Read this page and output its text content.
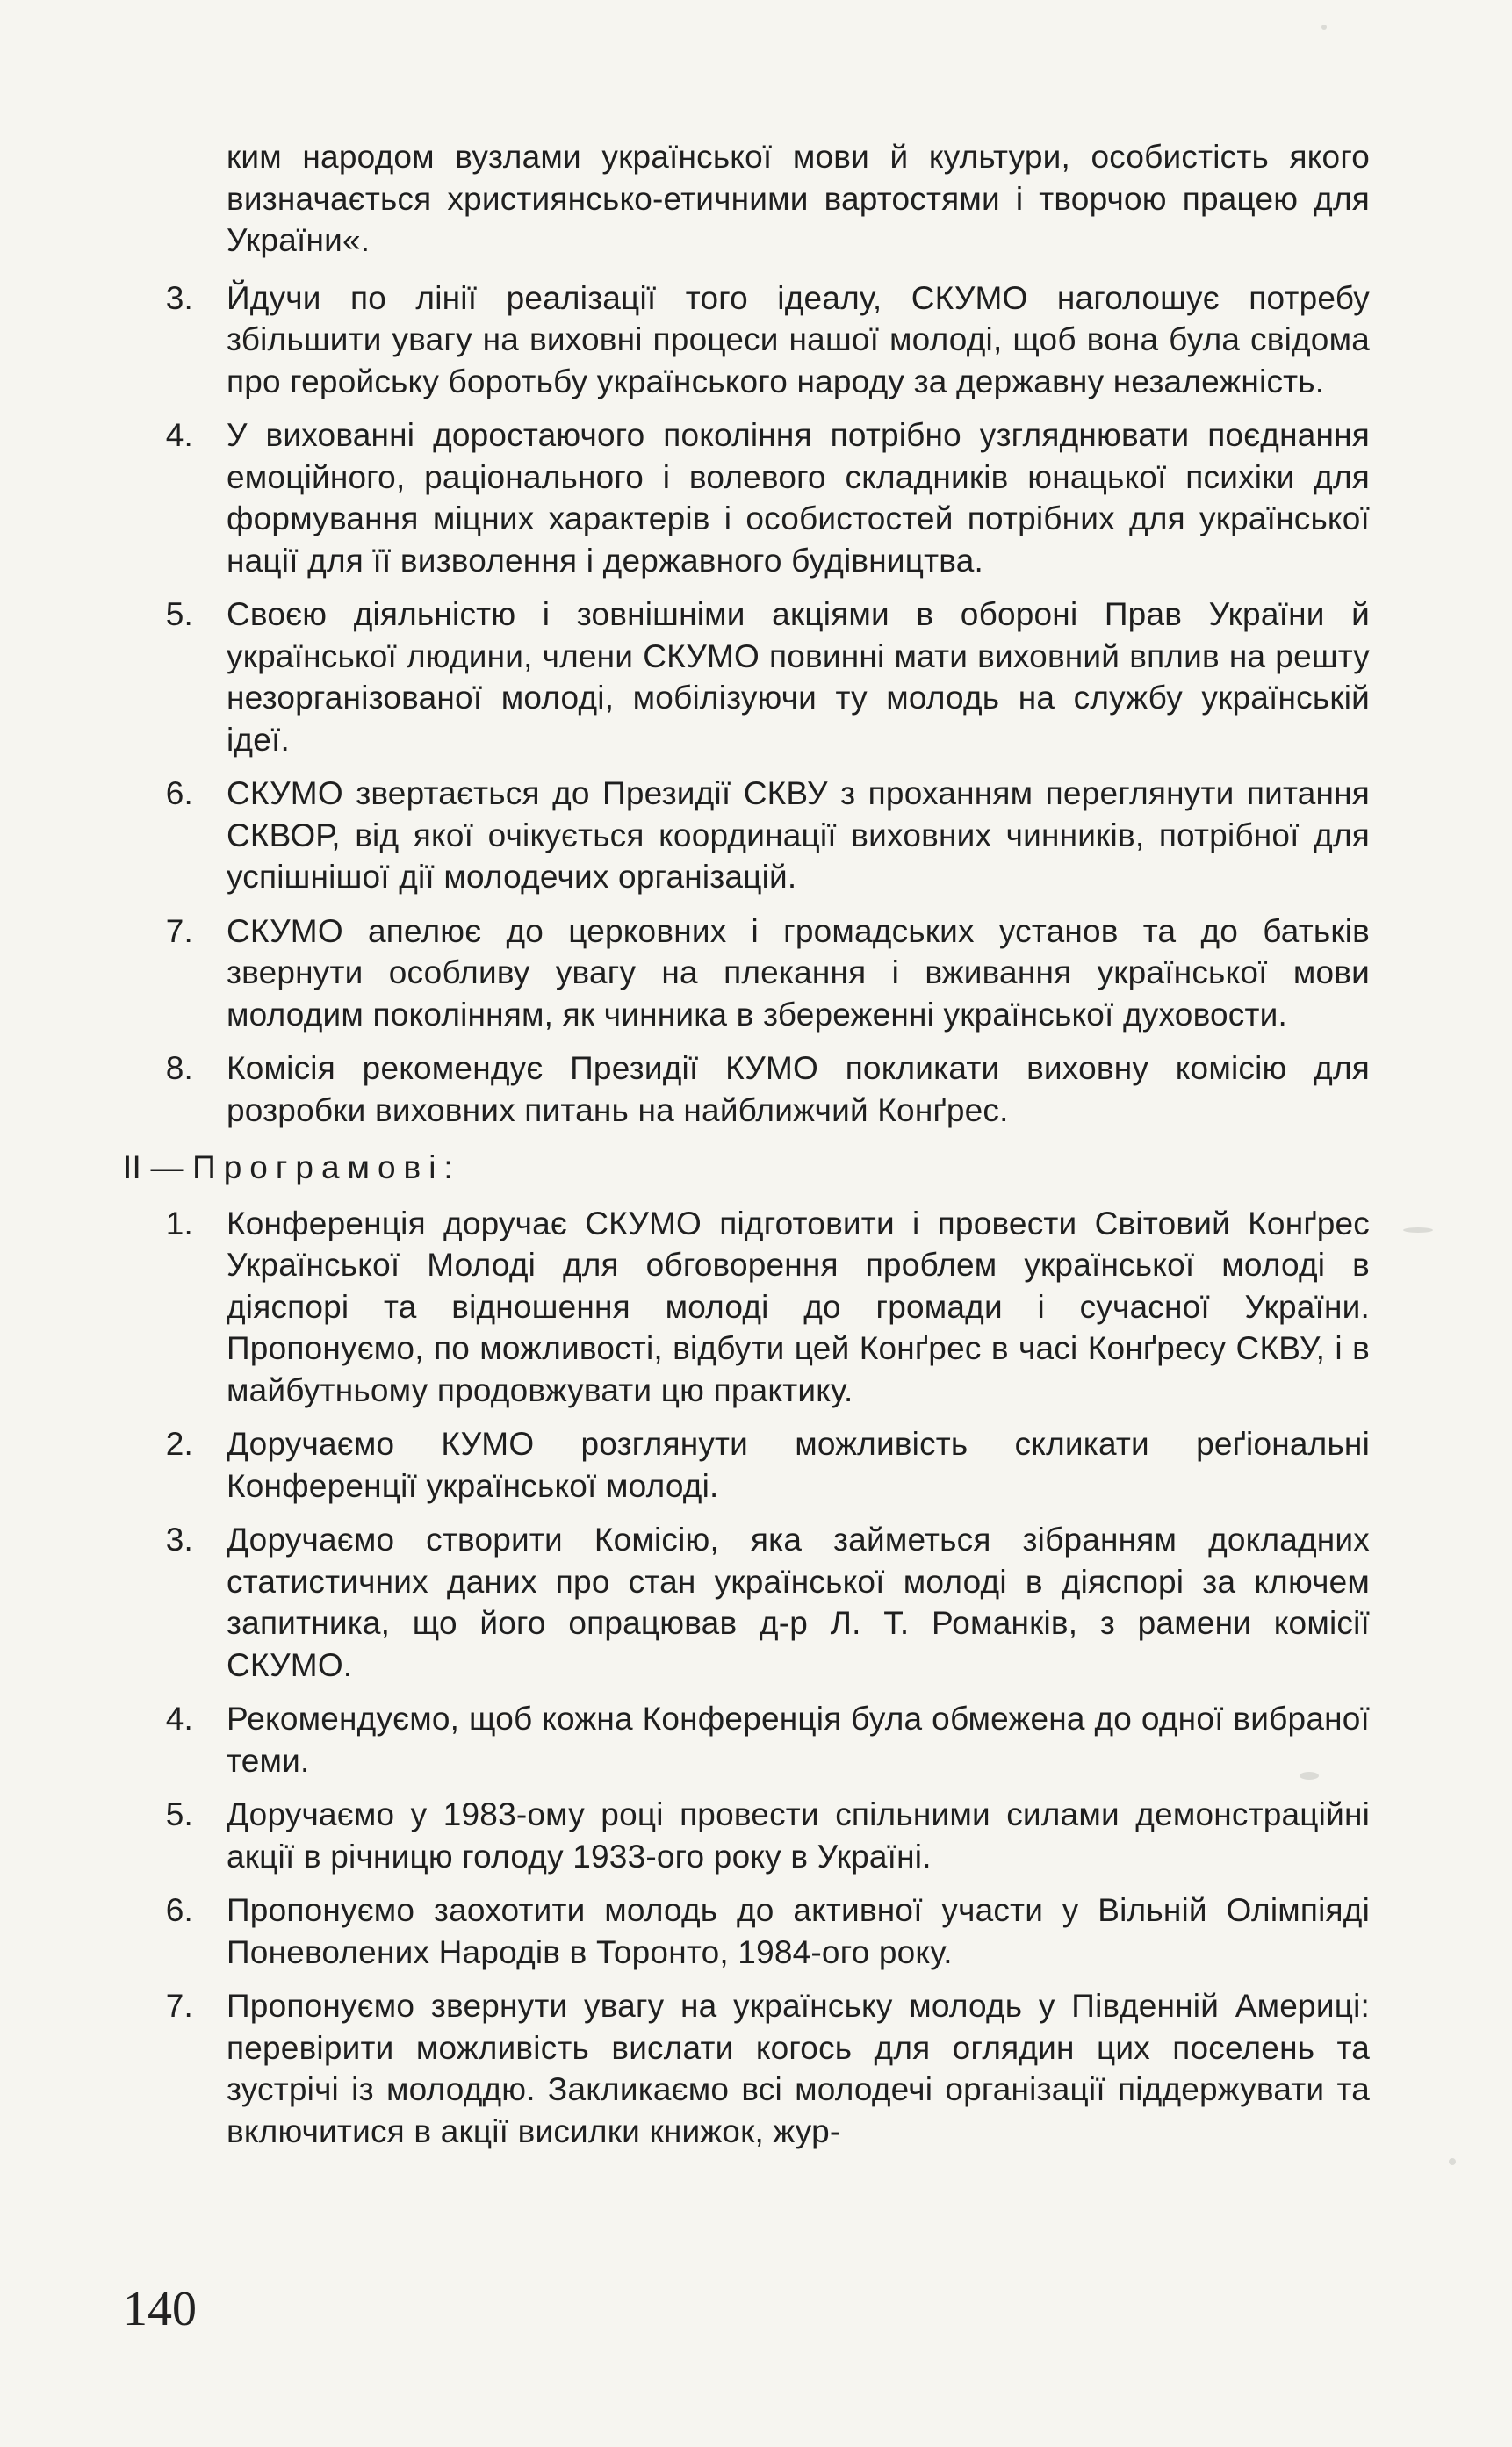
ким народом вузлами української мови й культури, особистість якого визначається християнсько-етичними вартостями і творчою працею для України«.
3.	Йдучи по лінії реалізації того ідеалу, СКУМО наголошує потребу збільшити увагу на виховні процеси нашої молоді, щоб вона була свідома про геройську боротьбу українського народу за державну незалежність.
4.	У вихованні доростаючого покоління потрібно узгляднювати поєднання емоційного, раціонального і волевого складників юнацької психіки для формування міцних характерів і особистостей потрібних для української нації для її визволення і державного будівництва.
5.	Своєю діяльністю і зовнішніми акціями в обороні Прав України й української людини, члени СКУМО повинні мати виховний вплив на решту незорганізованої молоді, мобілізуючи ту молодь на службу українській ідеї.
6.	СКУМО звертається до Президії СКВУ з проханням переглянути питання СКВОР, від якої очікується координації виховних чинників, потрібної для успішнішої дії молодечих організацій.
7.	СКУМО апелює до церковних і громадських установ та до батьків звернути особливу увагу на плекання і вживання української мови молодим поколінням, як чинника в збереженні української духовости.
8.	Комісія рекомендує Президії КУМО покликати виховну комісію для розробки виховних питань на найближчий Конґрес.
II — Програмові:
1.	Конференція доручає СКУМО підготовити і провести Світовий Конґрес Української Молоді для обговорення проблем української молоді в діяспорі та відношення молоді до громади і сучасної України. Пропонуємо, по можливості, відбути цей Конґрес в часі Конґресу СКВУ, і в майбутньому продовжувати цю практику.
2.	Доручаємо КУМО розглянути можливість скликати реґіональні Конференції української молоді.
3.	Доручаємо створити Комісію, яка займеться зібранням докладних статистичних даних про стан української молоді в діяспорі за ключем запитника, що його опрацював д-р Л. Т. Романків, з рамени комісії СКУМО.
4.	Рекомендуємо, щоб кожна Конференція була обмежена до одної вибраної теми.
5.	Доручаємо у 1983-ому році провести спільними силами демонстраційні акції в річницю голоду 1933-ого року в Україні.
6.	Пропонуємо заохотити молодь до активної участи у Вільній Олімпіяді Поневолених Народів в Торонто, 1984-ого року.
7.	Пропонуємо звернути увагу на українську молодь у Південній Америці: перевірити можливість вислати когось для оглядин цих поселень та зустрічі із молоддю. Закликаємо всі молодечі організації піддержувати та включитися в акції висилки книжок, жур-
140
